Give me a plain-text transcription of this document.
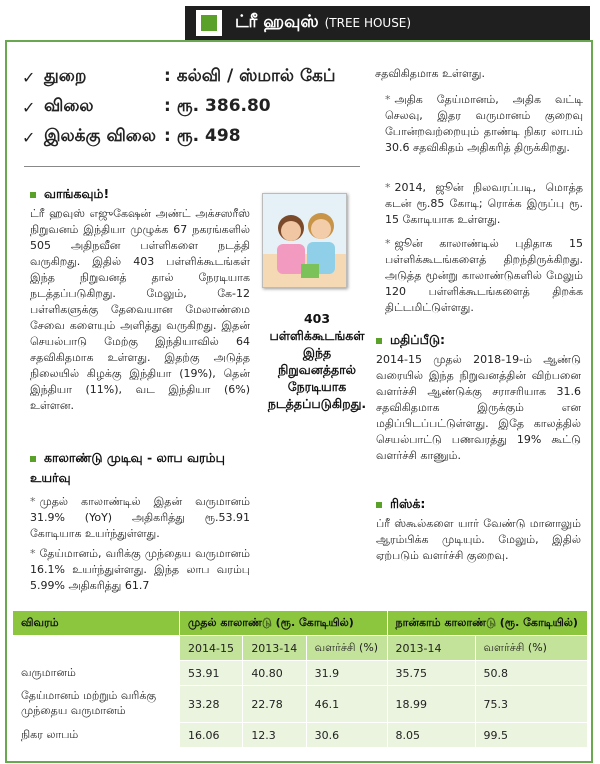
ட்ரீ ஹவுஸ் (TREE HOUSE)
✓ துறை	: கல்வி / ஸ்மால் கேப்
✓ விலை	: ரூ. 386.80
✓ இலக்கு விலை : ரூ. 498
வாங்கவும்!
ட்ரீ ஹவுஸ் எஜுகேஷன் அண்ட் அக்சஸரீஸ் நிறுவனம் இந்தியா முழுக்க 67 நகரங்களில் 505 அதிநவீன பள்ளிகளை நடத்தி வருகிறது. இதில் 403 பள்ளிக்கூடங்கள் இந்த நிறுவனத் தால் நேரடியாக நடத்தப்படுகிறது. மேலும், கே-12 பள்ளிகளுக்கு தேவையான மேலாண்மை சேவை களையும் அளித்து வருகிறது. இதன் செயல்பாடு மேற்கு இந்தியாவில் 64 சதவிகிதமாக உள்ளது. இதற்கு அடுத்த நிலையில் கிழக்கு இந்தியா (19%), தென் இந்தியா (11%), வட இந்தியா (6%) உள்ளன.
காலாண்டு முடிவு - லாப வரம்பு உயர்வு
* முதல் காலாண்டில் இதன் வருமானம் 31.9% (YoY) அதிகரித்து ரூ.53.91 கோடியாக உயர்ந்துள்ளது.
* தேய்மானம், வரிக்கு முந்தைய வருமானம் 16.1% உயர்ந்துள்ளது. இந்த லாப வரம்பு 5.99% அதிகரித்து 61.7
403
பள்ளிக்கூடங்கள்
இந்த
நிறுவனத்தால்
நேரடியாக
நடத்தப்படுகிறது.
சதவிகிதமாக உள்ளது.
* அதிக தேய்மானம், அதிக வட்டி செலவு, இதர வருமானம் குறைவு போன்றவற்றையும் தாண்டி நிகர லாபம் 30.6 சதவிகிதம் அதிகரித் திருக்கிறது.
* 2014, ஜூன் நிலவரப்படி, மொத்த கடன் ரூ.85 கோடி; ரொக்க இருப்பு ரூ. 15 கோடியாக உள்ளது.
* ஜூன் காலாண்டில் புதிதாக 15 பள்ளிக்கூடங்களைத் திறந்திருக்கிறது. அடுத்த மூன்று காலாண்டுகளில் மேலும் 120 பள்ளிக்கூடங்களைத் திறக்க திட்டமிட்டுள்ளது.
மதிப்பீடு:
2014-15 முதல் 2018-19-ம் ஆண்டு வரையில் இந்த நிறுவனத்தின் விற்பனை வளர்ச்சி ஆண்டுக்கு சராசரியாக 31.6 சதவிகிதமாக இருக்கும் என மதிப்பிடப்பட்டுள்ளது. இதே காலத்தில் செயல்பாட்டு பணவரத்து 19% கூட்டு வளர்ச்சி காணும்.
ரிஸ்க்:
ப்ரீ ஸ்கூல்களை யார் வேண்டு மானாலும் ஆரம்பிக்க முடியும். மேலும், இதில் ஏற்படும் வளர்ச்சி குறைவு.
விவரம்	முதல் காலாண்டு (ரூ. கோடியில்)			நான்காம் காலாண்டு (ரூ. கோடியில்)	
	2014-15	2013-14	வளர்ச்சி (%)	2013-14	வளர்ச்சி (%)
வருமானம்	53.91	40.80	31.9	35.75	50.8
தேய்மானம் மற்றும் வரிக்கு முந்தைய வருமானம்	33.28	22.78	46.1	18.99	75.3
நிகர லாபம்	16.06	12.3	30.6	8.05	99.5
